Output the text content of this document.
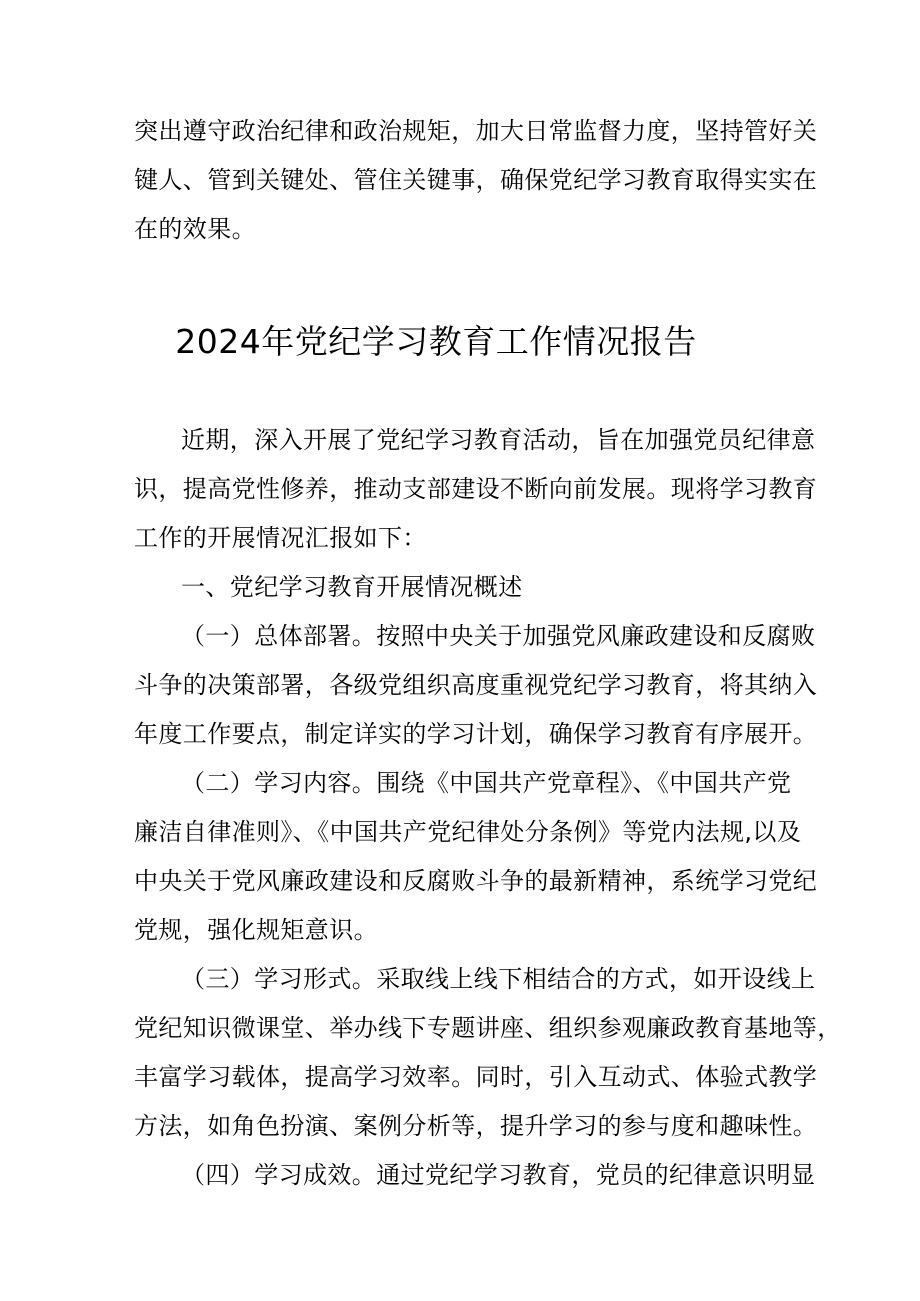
突出遵守政治纪律和政治规矩，加大日常监督力度，坚持管好关
键人、管到关键处、管住关键事，确保党纪学习教育取得实实在
在的效果。
2024年党纪学习教育工作情况报告
近期，深入开展了党纪学习教育活动，旨在加强党员纪律意
识，提高党性修养，推动支部建设不断向前发展。现将学习教育
工作的开展情况汇报如下：
一、党纪学习教育开展情况概述
（一）总体部署。按照中央关于加强党风廉政建设和反腐败
斗争的决策部署，各级党组织高度重视党纪学习教育，将其纳入
年度工作要点，制定详实的学习计划，确保学习教育有序展开。
（二）学习内容。围绕《中国共产党章程》、《中国共产党
廉洁自律准则》、《中国共产党纪律处分条例》等党内法规,以及
中央关于党风廉政建设和反腐败斗争的最新精神，系统学习党纪
党规，强化规矩意识。
（三）学习形式。采取线上线下相结合的方式，如开设线上
党纪知识微课堂、举办线下专题讲座、组织参观廉政教育基地等，
丰富学习载体，提高学习效率。同时，引入互动式、体验式教学
方法，如角色扮演、案例分析等，提升学习的参与度和趣味性。
（四）学习成效。通过党纪学习教育，党员的纪律意识明显
